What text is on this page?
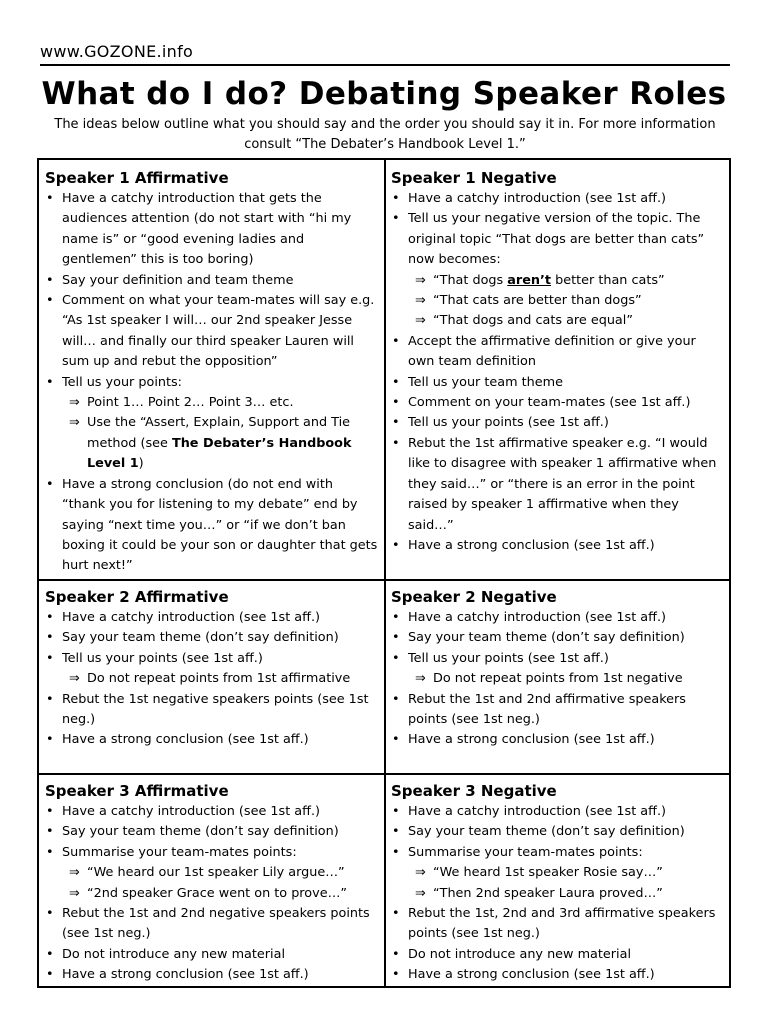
www.GOZONE.info
What do I do? Debating Speaker Roles
The ideas below outline what you should say and the order you should say it in. For more information consult “The Debater’s Handbook Level 1.”
Speaker 1 Affirmative
• Have a catchy introduction that gets the audiences attention (do not start with “hi my name is” or “good evening ladies and gentlemen” this is too boring)
• Say your definition and team theme
• Comment on what your team-mates will say e.g. “As 1st speaker I will… our 2nd speaker Jesse will… and finally our third speaker Lauren will sum up and rebut the opposition”
• Tell us your points:
⇒ Point 1… Point 2… Point 3… etc.
⇒ Use the “Assert, Explain, Support and Tie method (see The Debater’s Handbook Level 1)
• Have a strong conclusion (do not end with “thank you for listening to my debate” end by saying “next time you…” or “if we don’t ban boxing it could be your son or daughter that gets hurt next!”
Speaker 1 Negative
• Have a catchy introduction (see 1st aff.)
• Tell us your negative version of the topic. The original topic “That dogs are better than cats” now becomes:
⇒ “That dogs aren’t better than cats”
⇒ “That cats are better than dogs”
⇒ “That dogs and cats are equal”
• Accept the affirmative definition or give your own team definition
• Tell us your team theme
• Comment on your team-mates (see 1st aff.)
• Tell us your points (see 1st aff.)
• Rebut the 1st affirmative speaker e.g. “I would like to disagree with speaker 1 affirmative when they said…” or “there is an error in the point raised by speaker 1 affirmative when they said…”
• Have a strong conclusion (see 1st aff.)
Speaker 2 Affirmative
• Have a catchy introduction (see 1st aff.)
• Say your team theme (don’t say definition)
• Tell us your points (see 1st aff.)
⇒ Do not repeat points from 1st affirmative
• Rebut the 1st negative speakers points (see 1st neg.)
• Have a strong conclusion (see 1st aff.)
Speaker 2 Negative
• Have a catchy introduction (see 1st aff.)
• Say your team theme (don’t say definition)
• Tell us your points (see 1st aff.)
⇒ Do not repeat points from 1st negative
• Rebut the 1st and 2nd affirmative speakers points (see 1st neg.)
• Have a strong conclusion (see 1st aff.)
Speaker 3 Affirmative
• Have a catchy introduction (see 1st aff.)
• Say your team theme (don’t say definition)
• Summarise your team-mates points:
⇒ “We heard our 1st speaker Lily argue…”
⇒ “2nd speaker Grace went on to prove…”
• Rebut the 1st and 2nd negative speakers points (see 1st neg.)
• Do not introduce any new material
• Have a strong conclusion (see 1st aff.)
Speaker 3 Negative
• Have a catchy introduction (see 1st aff.)
• Say your team theme (don’t say definition)
• Summarise your team-mates points:
⇒ “We heard 1st speaker Rosie say…”
⇒ “Then 2nd speaker Laura proved…”
• Rebut the 1st, 2nd and 3rd affirmative speakers points (see 1st neg.)
• Do not introduce any new material
• Have a strong conclusion (see 1st aff.)
